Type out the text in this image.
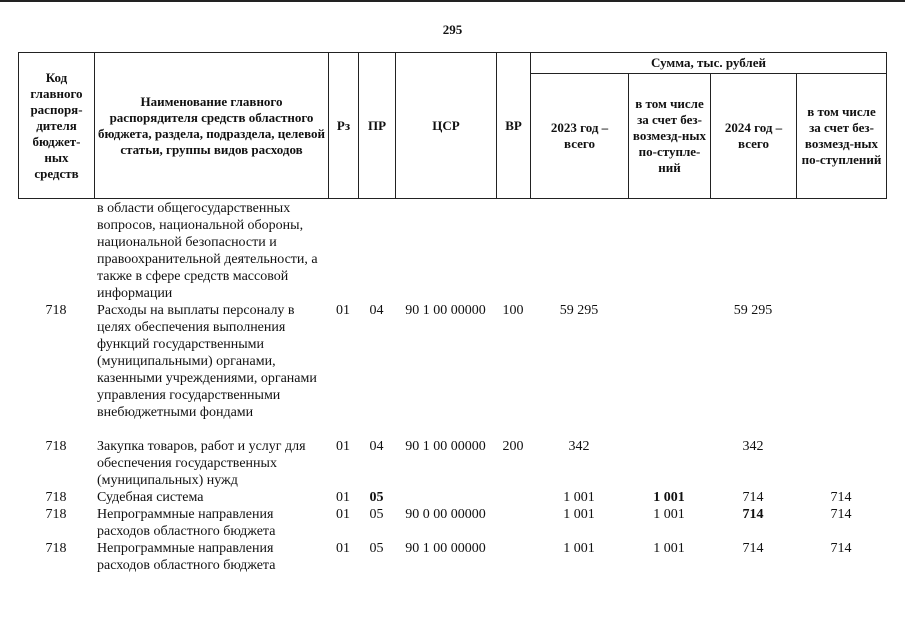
295
Код главного распоря-дителя бюджет-ных средств	Наименование главного распорядителя средств областного бюджета, раздела, подраздела, целевой статьи, группы видов расходов	Рз	ПР	ЦСР	ВР	Сумма, тыс. рублей			
						2023 год – всего	в том числе за счет без-возмезд-ных по-ступле-ний	2024 год – всего	в том числе за счет без-возмезд-ных по-ступлений
	в области общегосударственных вопросов, национальной обороны, национальной безопасности и правоохранительной деятельности, а также в сфере средств массовой информации								
718	Расходы на выплаты персоналу в целях обеспечения выполнения функций государственными (муниципальными) органами, казенными учреждениями, органами управления государственными внебюджетными фондами	01	04	90 1 00 00000	100	59 295		59 295	
718	Закупка товаров, работ и услуг для обеспечения государственных (муниципальных) нужд	01	04	90 1 00 00000	200	342		342	
718	Судебная система	01	05			1 001	1 001	714	714
718	Непрограммные направления расходов областного бюджета	01	05	90 0 00 00000		1 001	1 001	714	714
718	Непрограммные направления расходов областного бюджета	01	05	90 1 00 00000		1 001	1 001	714	714
